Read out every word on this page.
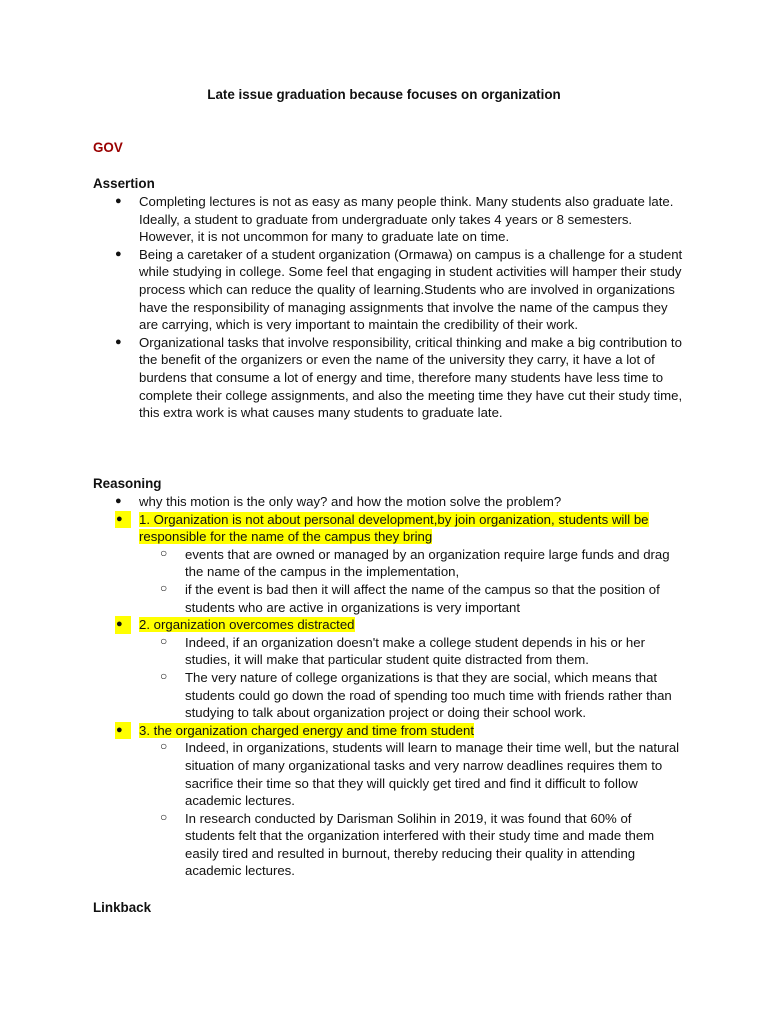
Late issue graduation because focuses on organization
GOV
Assertion
● Completing lectures is not as easy as many people think. Many students also graduate late. Ideally, a student to graduate from undergraduate only takes 4 years or 8 semesters. However, it is not uncommon for many to graduate late on time.
● Being a caretaker of a student organization (Ormawa) on campus is a challenge for a student while studying in college. Some feel that engaging in student activities will hamper their study process which can reduce the quality of learning.Students who are involved in organizations have the responsibility of managing assignments that involve the name of the campus they are carrying, which is very important to maintain the credibility of their work.
● Organizational tasks that involve responsibility, critical thinking and make a big contribution to the benefit of the organizers or even the name of the university they carry, it have a lot of burdens that consume a lot of energy and time, therefore many students have less time to complete their college assignments, and also the meeting time they have cut their study time, this extra work is what causes many students to graduate late.
Reasoning
● why this motion is the only way? and how the motion solve the problem?
●	1. Organization is not about personal development,by join organization, students will be responsible for the name of the campus they bring
○ events that are owned or managed by an organization require large funds and drag the name of the campus in the implementation,
○ if the event is bad then it will affect the name of the campus so that the position of students who are active in organizations is very important
●	2. organization overcomes distracted
○ Indeed, if an organization doesn't make a college student depends in his or her studies, it will make that particular student quite distracted from them.
○ The very nature of college organizations is that they are social, which means that students could go down the road of spending too much time with friends rather than studying to talk about organization project or doing their school work.
●	3. the organization charged energy and time from student
○ Indeed, in organizations, students will learn to manage their time well, but the natural situation of many organizational tasks and very narrow deadlines requires them to sacrifice their time so that they will quickly get tired and find it difficult to follow academic lectures.
○ In research conducted by Darisman Solihin in 2019, it was found that 60% of students felt that the organization interfered with their study time and made them easily tired and resulted in burnout, thereby reducing their quality in attending academic lectures.
Linkback
